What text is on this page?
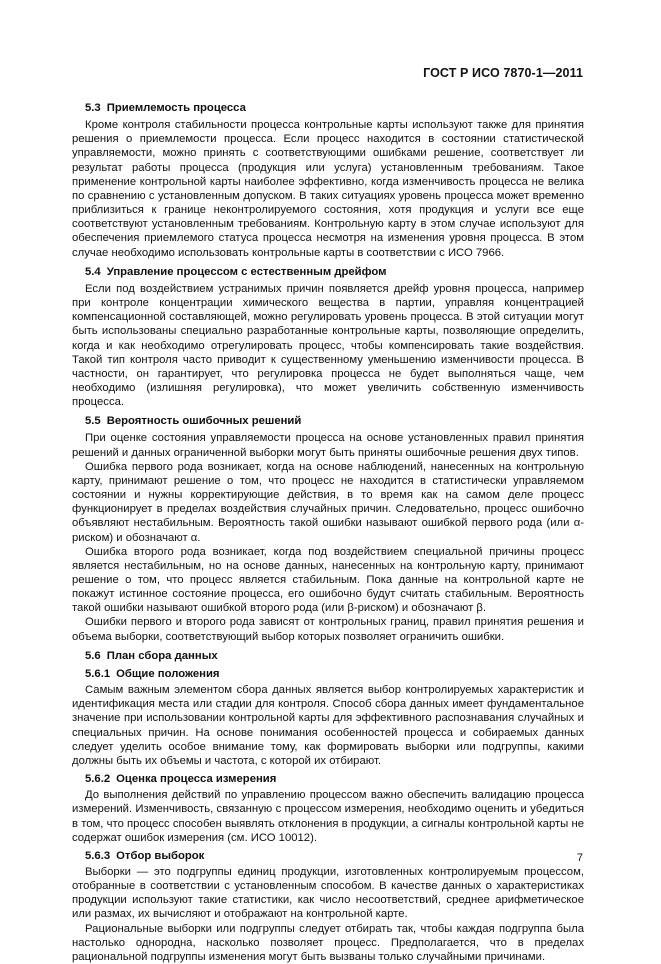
ГОСТ Р ИСО 7870-1—2011
5.3 Приемлемость процесса

Кроме контроля стабильности процесса контрольные карты используют также для принятия решения о приемлемости процесса. Если процесс находится в состоянии статистической управляемости, можно принять с соответствующими ошибками решение, соответствует ли результат работы процесса (продукция или услуга) установленным требованиям. Такое применение контрольной карты наиболее эффективно, когда изменчивость процесса не велика по сравнению с установленным допуском. В таких ситуациях уровень процесса может временно приблизиться к границе неконтролируемого состояния, хотя продукция и услуги все еще соответствуют установленным требованиям. Контрольную карту в этом случае используют для обеспечения приемлемого статуса процесса несмотря на изменения уровня процесса. В этом случае необходимо использовать контрольные карты в соответствии с ИСО 7966.

5.4 Управление процессом с естественным дрейфом

Если под воздействием устранимых причин появляется дрейф уровня процесса, например при контроле концентрации химического вещества в партии, управляя концентрацией компенсационной составляющей, можно регулировать уровень процесса. В этой ситуации могут быть использованы специально разработанные контрольные карты, позволяющие определить, когда и как необходимо отрегулировать процесс, чтобы компенсировать такие воздействия. Такой тип контроля часто приводит к существенному уменьшению изменчивости процесса. В частности, он гарантирует, что регулировка процесса не будет выполняться чаще, чем необходимо (излишняя регулировка), что может увеличить собственную изменчивость процесса.

5.5 Вероятность ошибочных решений

При оценке состояния управляемости процесса на основе установленных правил принятия решений и данных ограниченной выборки могут быть приняты ошибочные решения двух типов.

Ошибка первого рода возникает, когда на основе наблюдений, нанесенных на контрольную карту, принимают решение о том, что процесс не находится в статистически управляемом состоянии и нужны корректирующие действия, в то время как на самом деле процесс функционирует в пределах воздействия случайных причин. Следовательно, процесс ошибочно объявляют нестабильным. Вероятность такой ошибки называют ошибкой первого рода (или α-риском) и обозначают α.

Ошибка второго рода возникает, когда под воздействием специальной причины процесс является нестабильным, но на основе данных, нанесенных на контрольную карту, принимают решение о том, что процесс является стабильным. Пока данные на контрольной карте не покажут истинное состояние процесса, его ошибочно будут считать стабильным. Вероятность такой ошибки называют ошибкой второго рода (или β-риском) и обозначают β.

Ошибки первого и второго рода зависят от контрольных границ, правил принятия решения и объема выборки, соответствующий выбор которых позволяет ограничить ошибки.

5.6 План сбора данных
5.6.1 Общие положения

Самым важным элементом сбора данных является выбор контролируемых характеристик и идентификация места или стадии для контроля. Способ сбора данных имеет фундаментальное значение при использовании контрольной карты для эффективного распознавания случайных и специальных причин. На основе понимания особенностей процесса и собираемых данных следует уделить особое внимание тому, как формировать выборки или подгруппы, какими должны быть их объемы и частота, с которой их отбирают.

5.6.2 Оценка процесса измерения

До выполнения действий по управлению процессом важно обеспечить валидацию процесса измерений. Изменчивость, связанную с процессом измерения, необходимо оценить и убедиться в том, что процесс способен выявлять отклонения в продукции, а сигналы контрольной карты не содержат ошибок измерения (см. ИСО 10012).

5.6.3 Отбор выборок

Выборки — это подгруппы единиц продукции, изготовленных контролируемым процессом, отобранные в соответствии с установленным способом. В качестве данных о характеристиках продукции используют такие статистики, как число несоответствий, среднее арифметическое или размах, их вычисляют и отображают на контрольной карте.

Рациональные выборки или подгруппы следует отбирать так, чтобы каждая подгруппа была настолько однородна, насколько позволяет процесс. Предполагается, что в пределах рациональной подгруппы изменения могут быть вызваны только случайными причинами.

7
